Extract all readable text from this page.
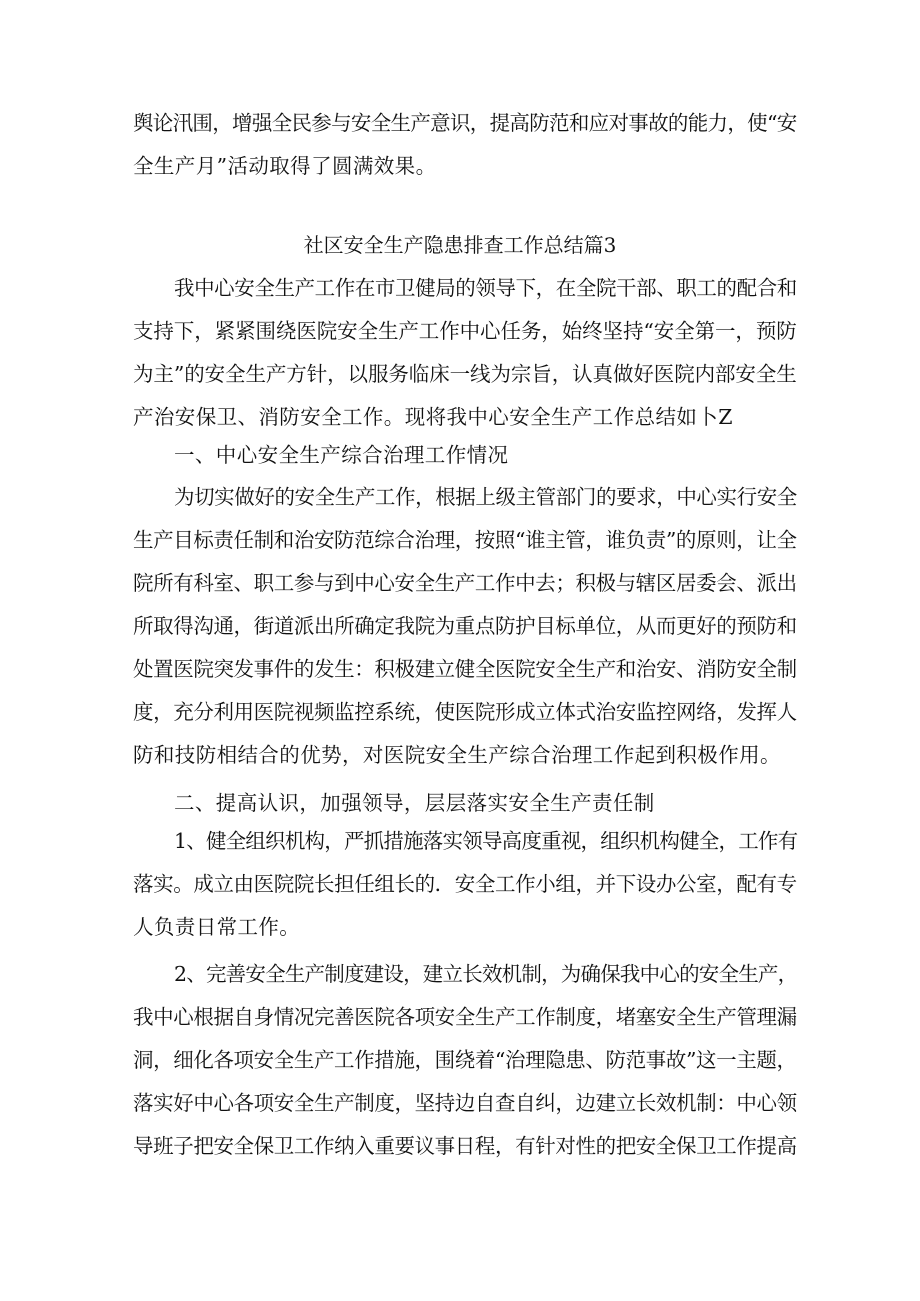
舆论汛围，增强全民参与安全生产意识，提高防范和应对事故的能力，使“安
全生产月”活动取得了圆满效果。
社区安全生产隐患排查工作总结篇3
我中心安全生产工作在市卫健局的领导下，在全院干部、职工的配合和
支持下，紧紧围绕医院安全生产工作中心任务，始终坚持“安全第一，预防
为主”的安全生产方针，以服务临床一线为宗旨，认真做好医院内部安全生
产治安保卫、消防安全工作。现将我中心安全生产工作总结如卜Z
一、中心安全生产综合治理工作情况
为切实做好的安全生产工作，根据上级主管部门的要求，中心实行安全
生产目标责任制和治安防范综合治理，按照“谁主管，谁负责”的原则，让全
院所有科室、职工参与到中心安全生产工作中去；积极与辖区居委会、派出
所取得沟通，街道派出所确定我院为重点防护目标单位，从而更好的预防和
处置医院突发事件的发生：积极建立健全医院安全生产和治安、消防安全制
度，充分利用医院视频监控系统，使医院形成立体式治安监控网络，发挥人
防和技防相结合的优势，对医院安全生产综合治理工作起到积极作用。
二、提高认识，加强领导，层层落实安全生产责任制
1、健全组织机构，严抓措施落实领导高度重视，组织机构健全，工作有
落实。成立由医院院长担任组长的．安全工作小组，并下设办公室，配有专
人负责日常工作。
2、完善安全生产制度建设，建立长效机制，为确保我中心的安全生产，
我中心根据自身情况完善医院各项安全生产工作制度，堵塞安全生产管理漏
洞，细化各项安全生产工作措施，围绕着“治理隐患、防范事故”这一主题，
落实好中心各项安全生产制度，坚持边自查自纠，边建立长效机制：中心领
导班子把安全保卫工作纳入重要议事日程，有针对性的把安全保卫工作提高
